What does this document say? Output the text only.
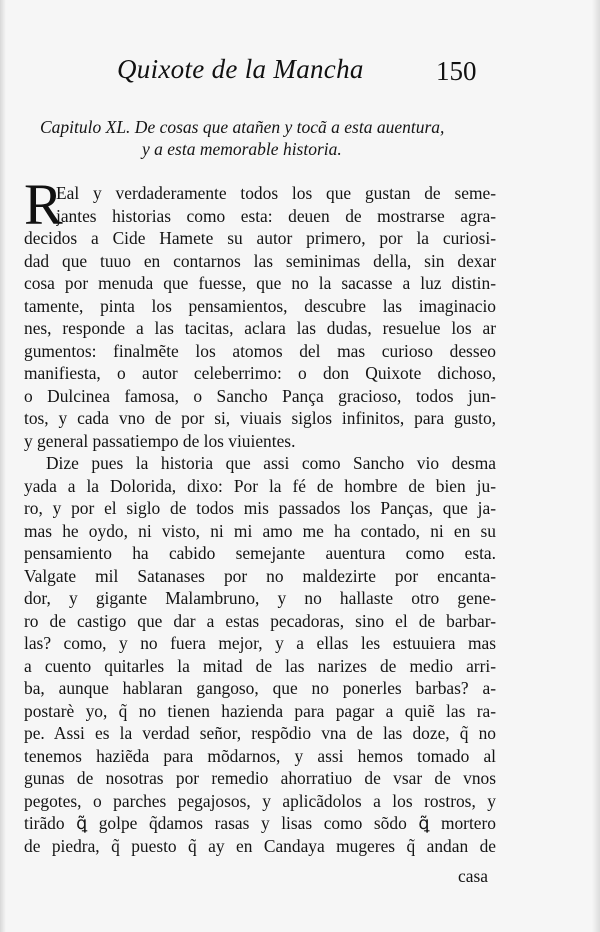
Quixote de la Mancha	150
Capitulo XL. De cosas que atañen y tocã a esta auentura,
y a esta memorable historia.
R
Eal y verdaderamente todos los que gustan de seme-
jantes historias como esta: deuen de mostrarse agra-
decidos a Cide Hamete su autor primero, por la curiosi-
dad que tuuo en contarnos las seminimas della, sin dexar
cosa por menuda que fuesse, que no la sacasse a luz distin-
tamente, pinta los pensamientos, descubre las imaginacio
nes, responde a las tacitas, aclara las dudas, resuelue los ar
gumentos: finalmẽte los atomos del mas curioso desseo
manifiesta, o autor celeberrimo: o don Quixote dichoso,
o Dulcinea famosa, o Sancho Pança gracioso, todos jun-
tos, y cada vno de por si, viuais siglos infinitos, para gusto,
y general passatiempo de los viuientes.
Dize pues la historia que assi como Sancho vio desma
yada a la Dolorida, dixo: Por la fé de hombre de bien ju-
ro, y por el siglo de todos mis passados los Panças, que ja-
mas he oydo, ni visto, ni mi amo me ha contado, ni en su
pensamiento ha cabido semejante auentura como esta.
Valgate mil Satanases por no maldezirte por encanta-
dor, y gigante Malambruno, y no hallaste otro gene-
ro de castigo que dar a estas pecadoras, sino el de barbar-
las? como, y no fuera mejor, y a ellas les estuuiera mas
a cuento quitarles la mitad de las narizes de medio arri-
ba, aunque hablaran gangoso, que no ponerles barbas? a-
postarè yo, q̃ no tienen hazienda para pagar a quiẽ las ra-
pe. Assi es la verdad señor, respõdio vna de las doze, q̃ no
tenemos haziẽda para mõdarnos, y assi hemos tomado al
gunas de nosotras por remedio ahorratiuo de vsar de vnos
pegotes, o parches pegajosos, y aplicãdolos a los rostros, y
tirãdo ꝗ̃ golpe q̃damos rasas y lisas como sõdo ꝗ̃ mortero
de piedra, q̃ puesto q̃ ay en Candaya mugeres q̃ andan de
casa
